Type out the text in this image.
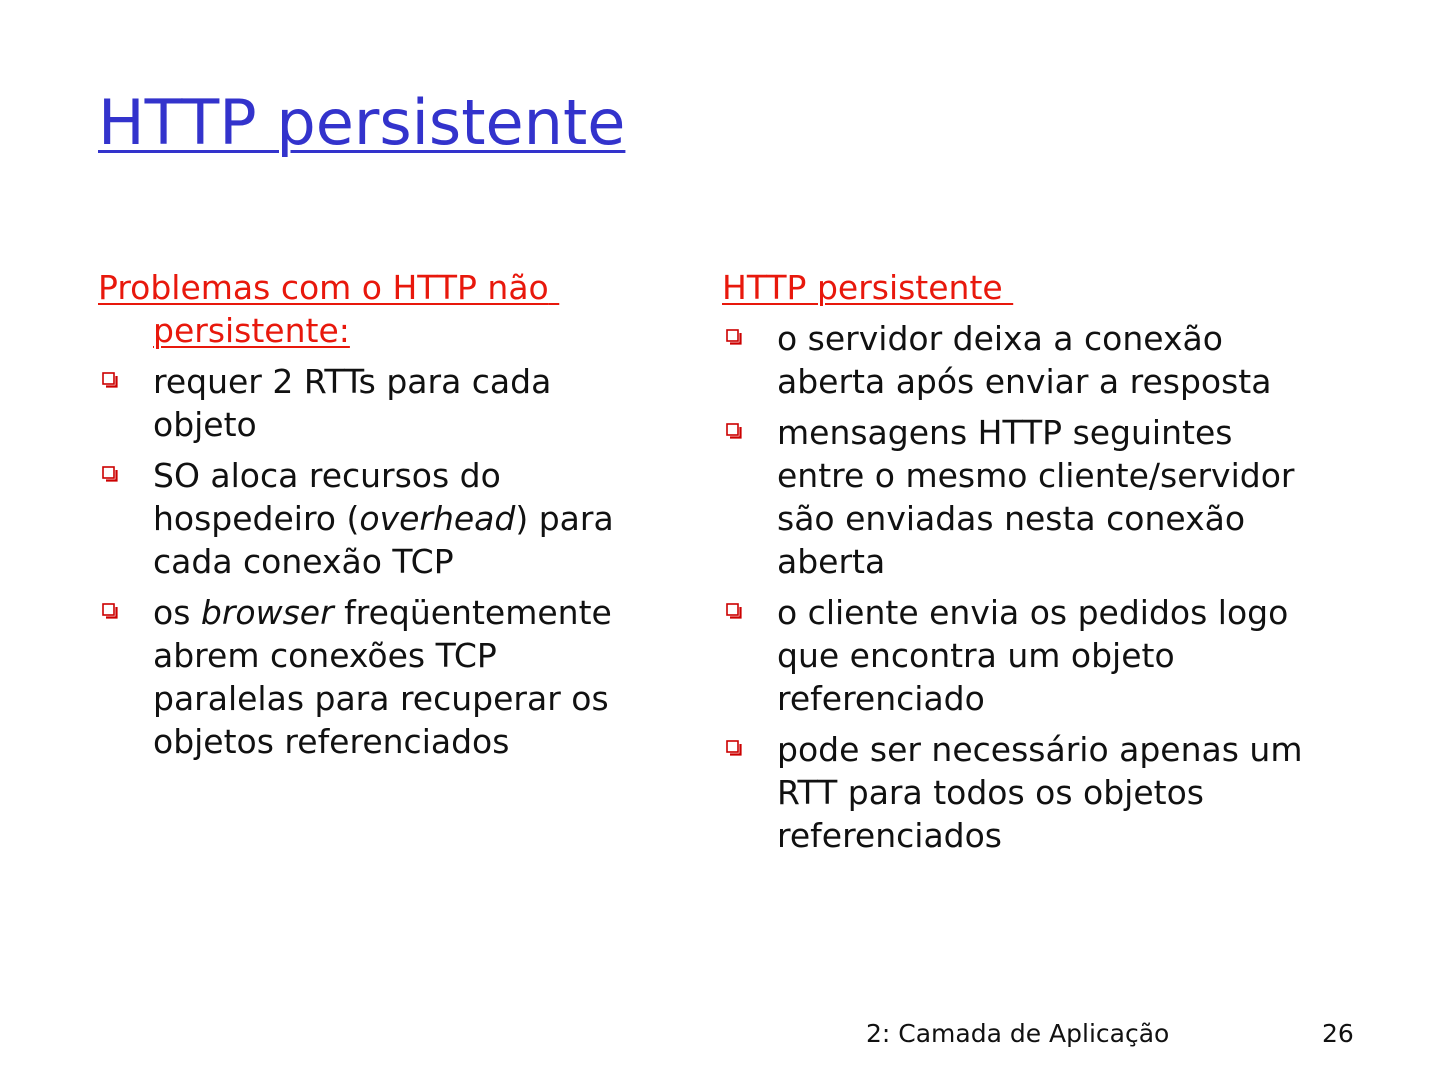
HTTP persistente
Problemas com o HTTP não persistente:
requer 2 RTTs para cada objeto
SO aloca recursos do hospedeiro (overhead) para cada conexão TCP
os browser freqüentemente abrem conexões TCP paralelas para recuperar os objetos referenciados
HTTP persistente
o servidor deixa a conexão aberta após enviar a resposta
mensagens HTTP seguintes entre o mesmo cliente/servidor são enviadas nesta conexão aberta
o cliente envia os pedidos logo que encontra um objeto referenciado
pode ser necessário apenas um RTT para todos os objetos referenciados
2: Camada de Aplicação	26
